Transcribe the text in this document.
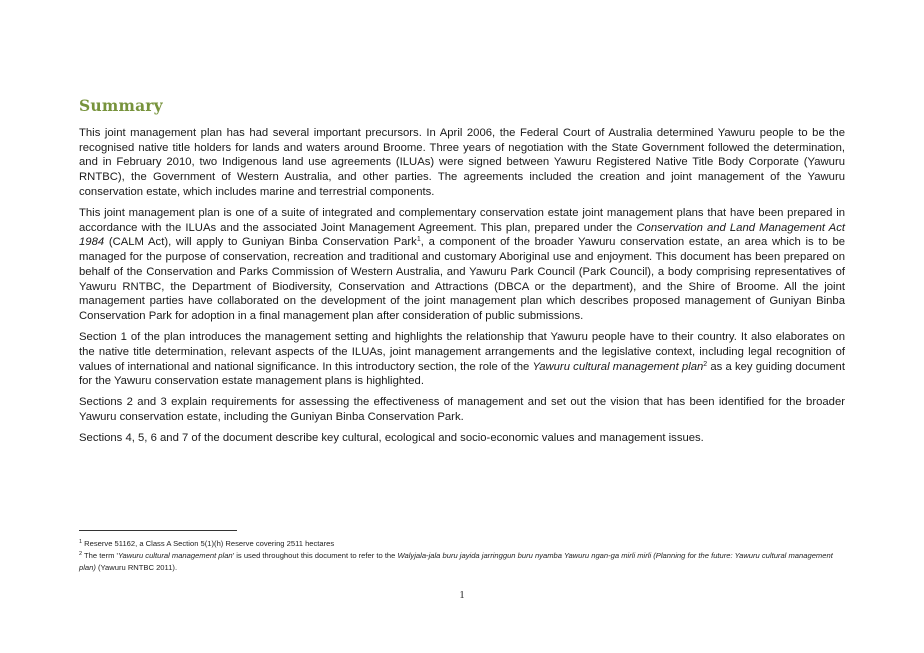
Summary

This joint management plan has had several important precursors. In April 2006, the Federal Court of Australia determined Yawuru people to be the recognised native title holders for lands and waters around Broome. Three years of negotiation with the State Government followed the determination, and in February 2010, two Indigenous land use agreements (ILUAs) were signed between Yawuru Registered Native Title Body Corporate (Yawuru RNTBC), the Government of Western Australia, and other parties. The agreements included the creation and joint management of the Yawuru conservation estate, which includes marine and terrestrial components.

This joint management plan is one of a suite of integrated and complementary conservation estate joint management plans that have been prepared in accordance with the ILUAs and the associated Joint Management Agreement. This plan, prepared under the Conservation and Land Management Act 1984 (CALM Act), will apply to Guniyan Binba Conservation Park$^1$, a component of the broader Yawuru conservation estate, an area which is to be managed for the purpose of conservation, recreation and traditional and customary Aboriginal use and enjoyment. This document has been prepared on behalf of the Conservation and Parks Commission of Western Australia, and Yawuru Park Council (Park Council), a body comprising representatives of Yawuru RNTBC, the Department of Biodiversity, Conservation and Attractions (DBCA or the department), and the Shire of Broome. All the joint management parties have collaborated on the development of the joint management plan which describes proposed management of Guniyan Binba Conservation Park for adoption in a final management plan after consideration of public submissions.

Section 1 of the plan introduces the management setting and highlights the relationship that Yawuru people have to their country. It also elaborates on the native title determination, relevant aspects of the ILUAs, joint management arrangements and the legislative context, including legal recognition of values of international and national significance. In this introductory section, the role of the Yawuru cultural management plan$^2$ as a key guiding document for the Yawuru conservation estate management plans is highlighted.

Sections 2 and 3 explain requirements for assessing the effectiveness of management and set out the vision that has been identified for the broader Yawuru conservation estate, including the Guniyan Binba Conservation Park.

Sections 4, 5, 6 and 7 of the document describe key cultural, ecological and socio-economic values and management issues.

$^1$ Reserve 51162, a Class A Section 5(1)(h) Reserve covering 2511 hectares

$^2$ The term 'Yawuru cultural management plan' is used throughout this document to refer to the Walyjala-jala buru jayida jarringgun buru nyamba Yawuru ngan-ga mirli mirli (Planning for the future: Yawuru cultural management plan) (Yawuru RNTBC 2011).

1
